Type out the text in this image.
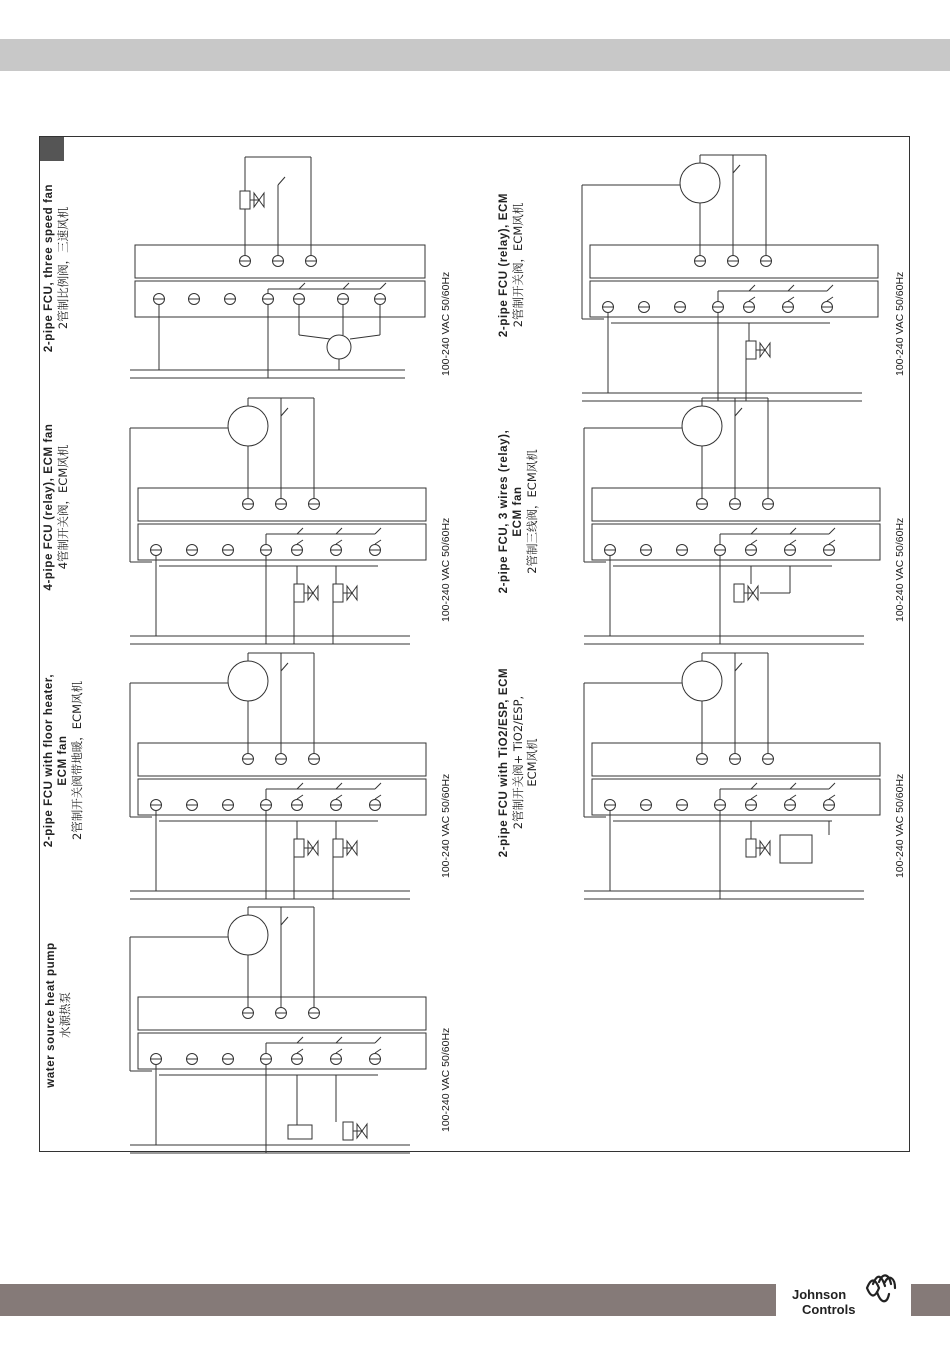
2-pipe FCU, three speed fan 2管制比例阀，三速风机
4-pipe FCU (relay), ECM fan 4管制开关阀，ECM风机
2-pipe FCU with floor heater, ECM fan 2管制开关阀带地暖，ECM风机
water source heat pump 水源热泵
2-pipe FCU (relay), ECM 2管制开关阀，ECM风机
2-pipe FCU, 3 wires (relay), ECM fan 2管制三线阀，ECM风机
2-pipe FCU with TiO2/ESP, ECM 2管制开关阀+ TiO2/ESP, ECM风机
100-240 VAC 50/60Hz
100-240 VAC 50/60Hz
100-240 VAC 50/60Hz
100-240 VAC 50/60Hz
100-240 VAC 50/60Hz
100-240 VAC 50/60Hz
100-240 VAC 50/60Hz
Johnson
Controls
